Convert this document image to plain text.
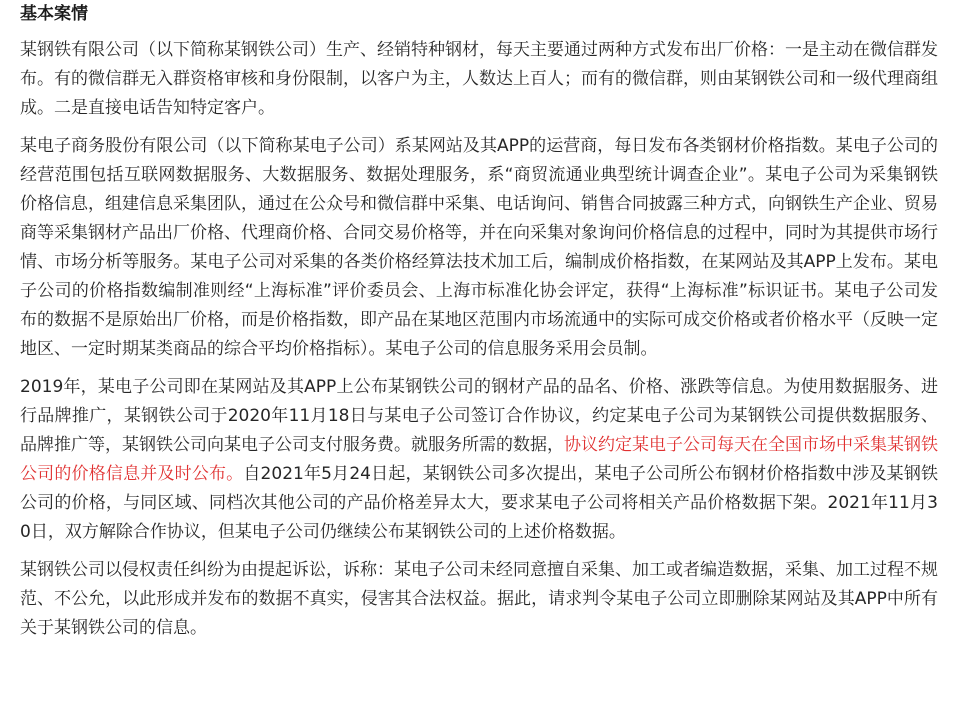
基本案情

某钢铁有限公司（以下简称某钢铁公司）生产、经销特种钢材，每天主要通过两种方式发布出厂价格：一是主动在微信群发布。有的微信群无入群资格审核和身份限制，以客户为主，人数达上百人；而有的微信群，则由某钢铁公司和一级代理商组成。二是直接电话告知特定客户。

某电子商务股份有限公司（以下简称某电子公司）系某网站及其APP的运营商，每日发布各类钢材价格指数。某电子公司的经营范围包括互联网数据服务、大数据服务、数据处理服务，系“商贸流通业典型统计调查企业”。某电子公司为采集钢铁价格信息，组建信息采集团队，通过在公众号和微信群中采集、电话询问、销售合同披露三种方式，向钢铁生产企业、贸易商等采集钢材产品出厂价格、代理商价格、合同交易价格等，并在向采集对象询问价格信息的过程中，同时为其提供市场行情、市场分析等服务。某电子公司对采集的各类价格经算法技术加工后，编制成价格指数，在某网站及其APP上发布。某电子公司的价格指数编制准则经“上海标准”评价委员会、上海市标准化协会评定，获得“上海标准”标识证书。某电子公司发布的数据不是原始出厂价格，而是价格指数，即产品在某地区范围内市场流通中的实际可成交价格或者价格水平（反映一定地区、一定时期某类商品的综合平均价格指标）。某电子公司的信息服务采用会员制。

2019年，某电子公司即在某网站及其APP上公布某钢铁公司的钢材产品的品名、价格、涨跌等信息。为使用数据服务、进行品牌推广，某钢铁公司于2020年11月18日与某电子公司签订合作协议，约定某电子公司为某钢铁公司提供数据服务、品牌推广等，某钢铁公司向某电子公司支付服务费。就服务所需的数据，协议约定某电子公司每天在全国市场中采集某钢铁公司的价格信息并及时公布。自2021年5月24日起，某钢铁公司多次提出，某电子公司所公布钢材价格指数中涉及某钢铁公司的价格，与同区域、同档次其他公司的产品价格差异太大，要求某电子公司将相关产品价格数据下架。2021年11月30日，双方解除合作协议，但某电子公司仍继续公布某钢铁公司的上述价格数据。

某钢铁公司以侵权责任纠纷为由提起诉讼，诉称：某电子公司未经同意擅自采集、加工或者编造数据，采集、加工过程不规范、不公允，以此形成并发布的数据不真实，侵害其合法权益。据此，请求判令某电子公司立即删除某网站及其APP中所有关于某钢铁公司的信息。
